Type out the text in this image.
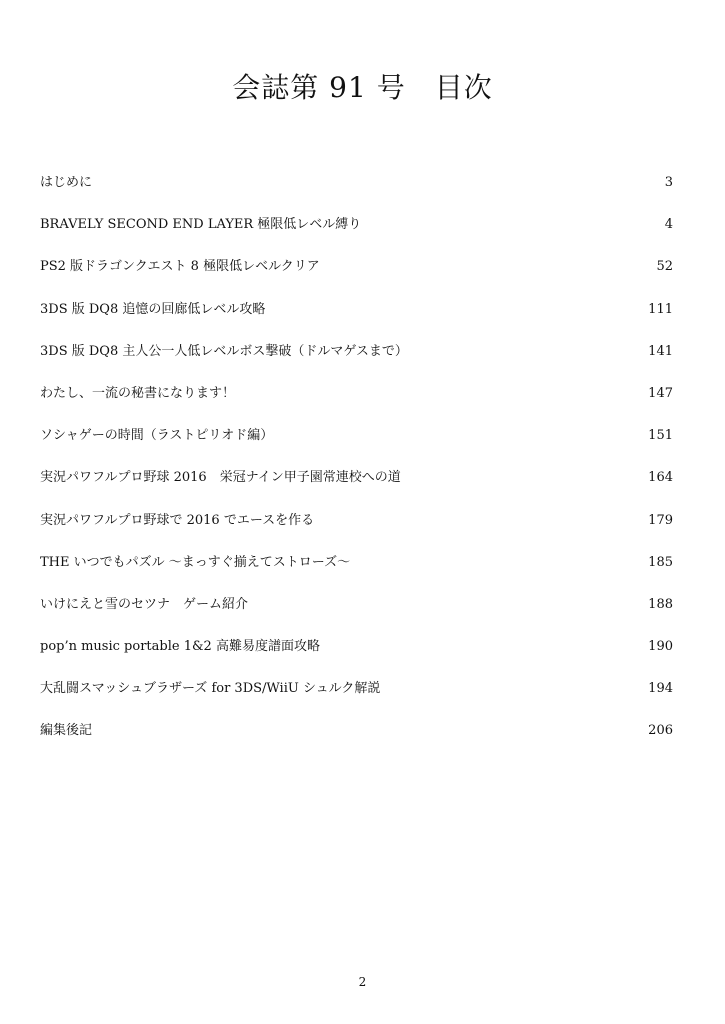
会誌第 91 号　目次
はじめに	3
BRAVELY SECOND END LAYER 極限低レベル縛り	4
PS2 版ドラゴンクエスト 8 極限低レベルクリア	52
3DS 版 DQ8 追憶の回廊低レベル攻略	111
3DS 版 DQ8 主人公一人低レベルボス撃破（ドルマゲスまで）	141
わたし、一流の秘書になります！	147
ソシャゲーの時間（ラストピリオド編）	151
実況パワフルプロ野球 2016　栄冠ナイン甲子園常連校への道	164
実況パワフルプロ野球で 2016 でエースを作る	179
THE いつでもパズル ～まっすぐ揃えてストローズ～	185
いけにえと雪のセツナ　ゲーム紹介	188
pop’n music portable 1&2 高難易度譜面攻略	190
大乱闘スマッシュブラザーズ for 3DS/WiiU シュルク解説	194
編集後記	206
2
